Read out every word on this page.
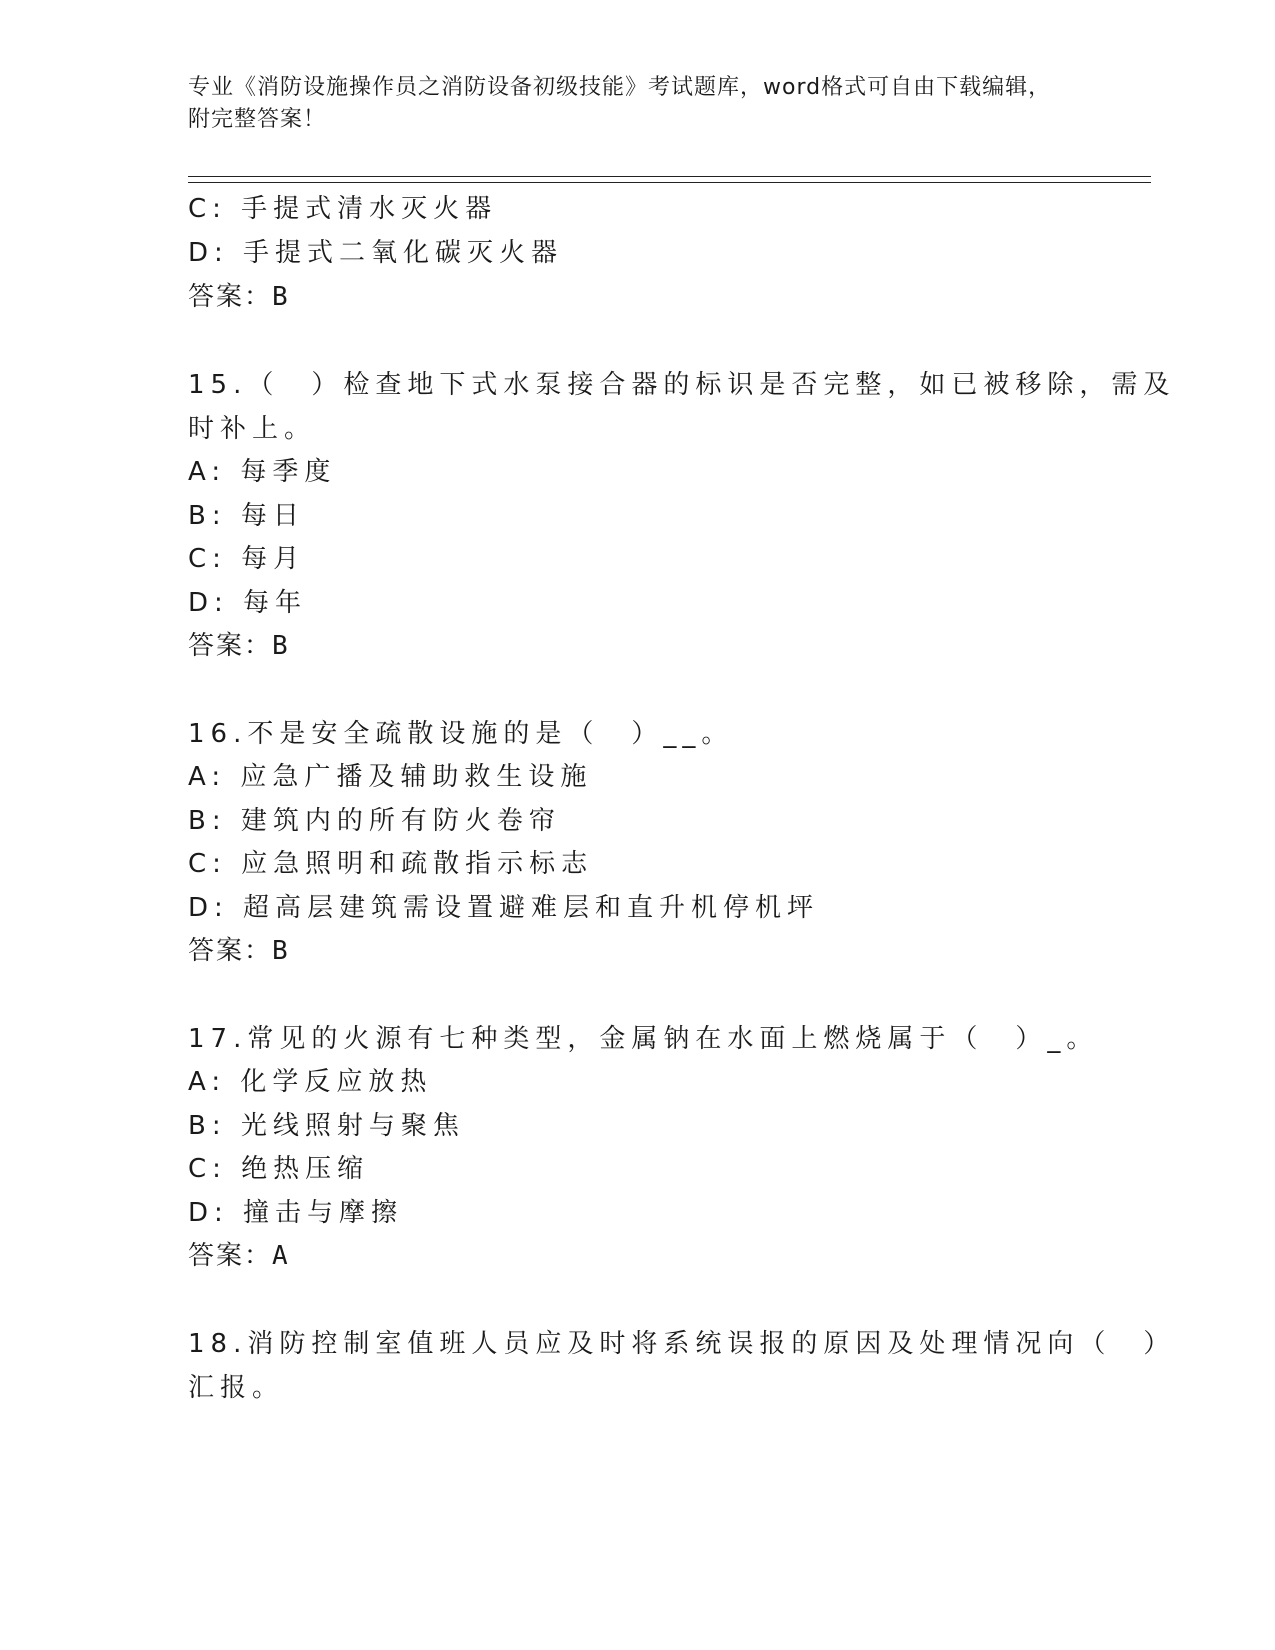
专业《消防设施操作员之消防设备初级技能》考试题库，word格式可自由下载编辑，附完整答案！
C: 手提式清水灭火器
D: 手提式二氧化碳灭火器
答案：B
15.（　）检查地下式水泵接合器的标识是否完整，如已被移除，需及
时补上。
A: 每季度
B: 每日
C: 每月
D: 每年
答案：B
16.不是安全疏散设施的是（　）__。
A: 应急广播及辅助救生设施
B: 建筑内的所有防火卷帘
C: 应急照明和疏散指示标志
D: 超高层建筑需设置避难层和直升机停机坪
答案：B
17.常见的火源有七种类型，金属钠在水面上燃烧属于（　）_。
A: 化学反应放热
B: 光线照射与聚焦
C: 绝热压缩
D: 撞击与摩擦
答案：A
18.消防控制室值班人员应及时将系统误报的原因及处理情况向（　）
汇报。
